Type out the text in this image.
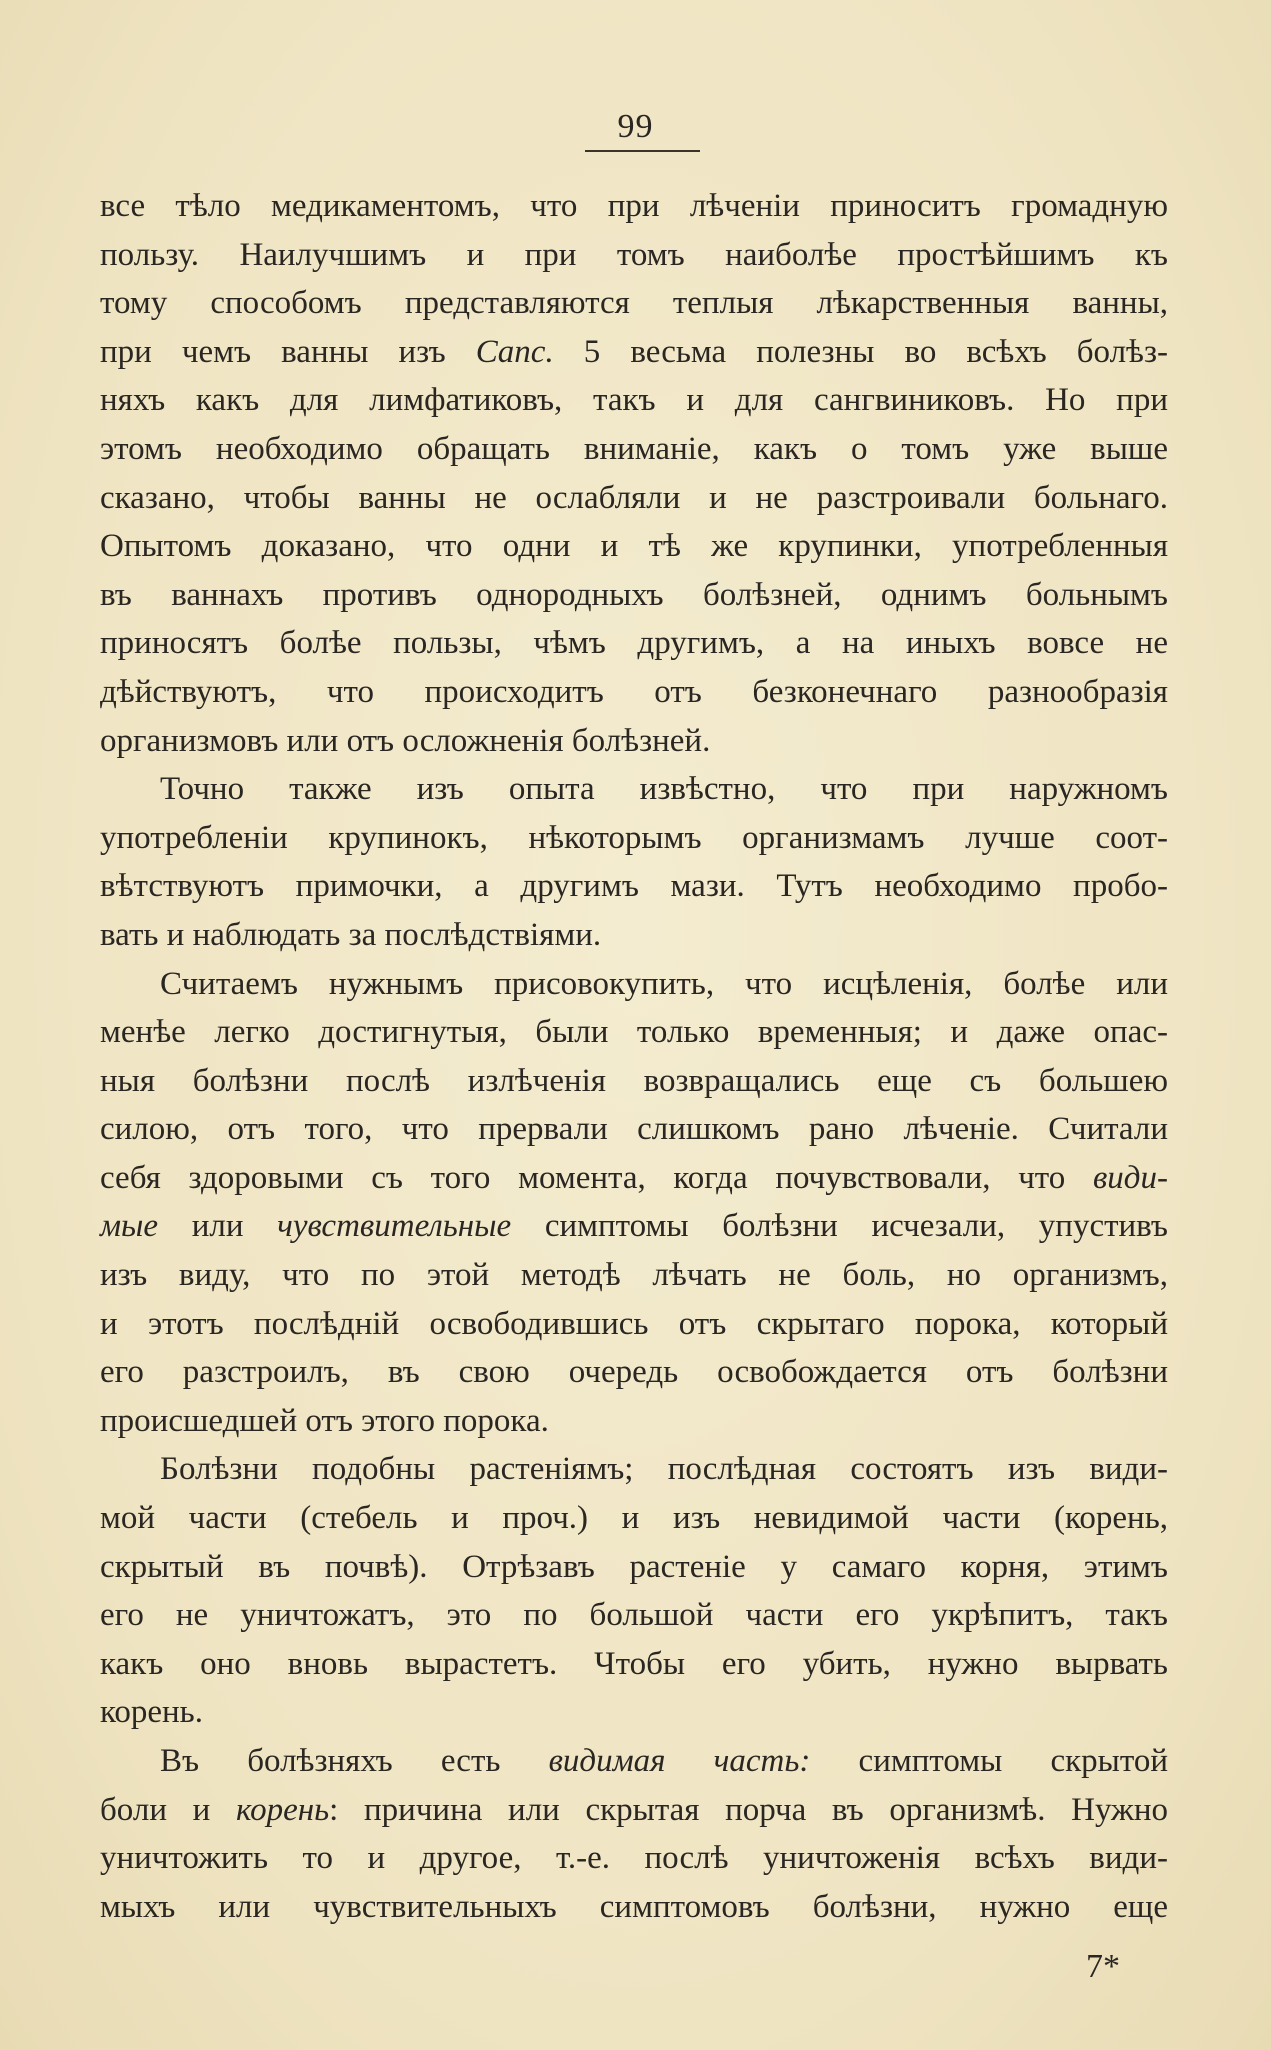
99
все тѣло медикаментомъ, что при лѣченіи приноситъ громадную
пользу. Наилучшимъ и при томъ наиболѣе простѣйшимъ къ
тому способомъ представляются теплыя лѣкарственныя ванны,
при чемъ ванны изъ Canc. 5 весьма полезны во всѣхъ болѣз-
няхъ какъ для лимфатиковъ, такъ и для сангвиниковъ. Но при
этомъ необходимо обращать вниманіе, какъ о томъ уже выше
сказано, чтобы ванны не ослабляли и не разстроивали больнаго.
Опытомъ доказано, что одни и тѣ же крупинки, употребленныя
въ ваннахъ противъ однородныхъ болѣзней, однимъ больнымъ
приносятъ болѣе пользы, чѣмъ другимъ, а на иныхъ вовсе не
дѣйствуютъ, что происходитъ отъ безконечнаго разнообразія
организмовъ или отъ осложненія болѣзней.
Точно также изъ опыта извѣстно, что при наружномъ
употребленіи крупинокъ, нѣкоторымъ организмамъ лучше соот-
вѣтствуютъ примочки, а другимъ мази. Тутъ необходимо пробо-
вать и наблюдать за послѣдствіями.
Считаемъ нужнымъ присовокупить, что исцѣленія, болѣе или
менѣе легко достигнутыя, были только временныя; и даже опас-
ныя болѣзни послѣ излѣченія возвращались еще съ большею
силою, отъ того, что прервали слишкомъ рано лѣченіе. Считали
себя здоровыми съ того момента, когда почувствовали, что види-
мые или чувствительные симптомы болѣзни исчезали, упустивъ
изъ виду, что по этой методѣ лѣчать не боль, но организмъ,
и этотъ послѣдній освободившись отъ скрытаго порока, который
его разстроилъ, въ свою очередь освобождается отъ болѣзни
происшедшей отъ этого порока.
Болѣзни подобны растеніямъ; послѣдная состоятъ изъ види-
мой части (стебель и проч.) и изъ невидимой части (корень,
скрытый въ почвѣ). Отрѣзавъ растеніе у самаго корня, этимъ
его не уничтожатъ, это по большой части его укрѣпитъ, такъ
какъ оно вновь вырастетъ. Чтобы его убить, нужно вырвать
корень.
Въ болѣзняхъ есть видимая часть: симптомы скрытой
боли и корень: причина или скрытая порча въ организмѣ. Нужно
уничтожить то и другое, т.-е. послѣ уничтоженія всѣхъ види-
мыхъ или чувствительныхъ симптомовъ болѣзни, нужно еще
7*
